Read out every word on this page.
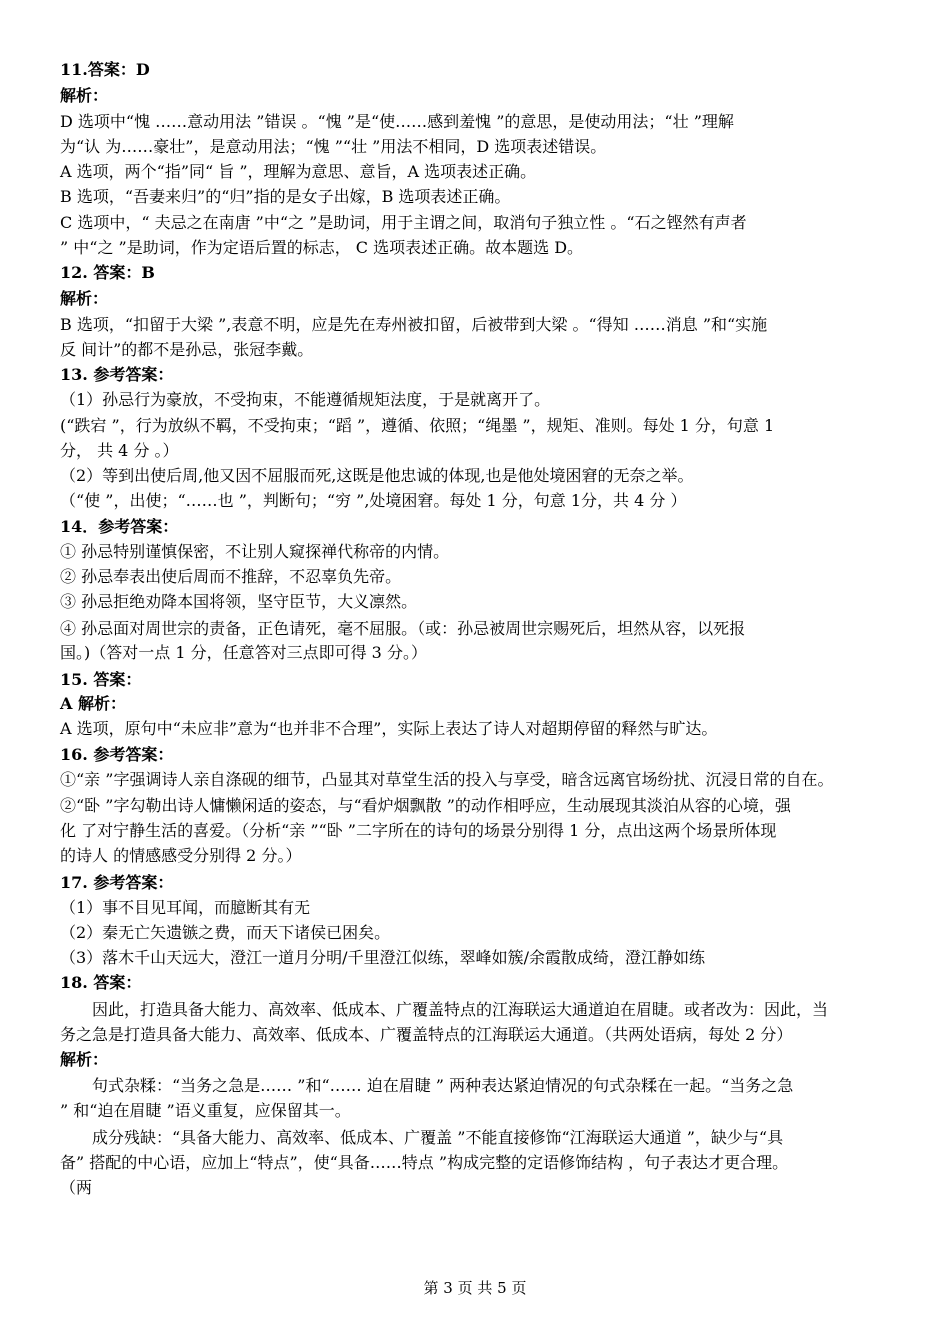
11.答案：D
解析：
D 选项中“愧 ……意动用法 ”错误 。“愧 ”是“使……感到羞愧 ”的意思，是使动用法；“壮 ”理解
为“认 为……豪壮”，是意动用法；“愧 ”“壮 ”用法不相同，D 选项表述错误。
A 选项，两个“指”同“ 旨 ”，理解为意思、意旨，A 选项表述正确。
B 选项，“吾妻来归”的“归”指的是女子出嫁，B 选项表述正确。
C 选项中，“ 夫忌之在南唐 ”中“之 ”是助词，用于主谓之间，取消句子独立性 。“石之铿然有声者
” 中“之 ”是助词，作为定语后置的标志， C 选项表述正确。故本题选 D。
12. 答案：B
解析：
B 选项，“扣留于大梁 ”,表意不明，应是先在寿州被扣留，后被带到大梁 。“得知 ……消息 ”和“实施
反 间计”的都不是孙忌，张冠李戴。
13. 参考答案：
（1）孙忌行为豪放，不受拘束，不能遵循规矩法度，于是就离开了。
(“跌宕 ”，行为放纵不羁，不受拘束；“蹈 ”，遵循、依照；“绳墨 ”，规矩、准则。每处 1 分，句意 1
分， 共 4 分 。）
（2）等到出使后周,他又因不屈服而死,这既是他忠诚的体现,也是他处境困窘的无奈之举。
（“使 ”，出使；“……也 ”，判断句；“穷 ”,处境困窘。每处 1 分，句意 1分，共 4 分 ）
14．参考答案：
① 孙忌特别谨慎保密，不让别人窥探禅代称帝的内情。
② 孙忌奉表出使后周而不推辞，不忍辜负先帝。
③ 孙忌拒绝劝降本国将领，坚守臣节，大义凛然。
④ 孙忌面对周世宗的责备，正色请死，毫不屈服。（或：孙忌被周世宗赐死后，坦然从容，以死报
国。)（答对一点 1 分，任意答对三点即可得 3 分。）
15. 答案：
A 解析：
A 选项，原句中“未应非”意为“也并非不合理”，实际上表达了诗人对超期停留的释然与旷达。
16. 参考答案：
①“亲 ”字强调诗人亲自涤砚的细节，凸显其对草堂生活的投入与享受，暗含远离官场纷扰、沉浸日常的自在。
②“卧 ”字勾勒出诗人慵懒闲适的姿态，与“看炉烟飘散 ”的动作相呼应，生动展现其淡泊从容的心境，强
化 了对宁静生活的喜爱。（分析“亲 ”“卧 ”二字所在的诗句的场景分别得 1 分，点出这两个场景所体现
的诗人 的情感感受分别得 2 分。）
17. 参考答案：
（1）事不目见耳闻，而臆断其有无
（2）秦无亡矢遗镞之费，而天下诸侯已困矣。
（3）落木千山天远大，澄江一道月分明/千里澄江似练，翠峰如簇/余霞散成绮，澄江静如练
18. 答案：
因此，打造具备大能力、高效率、低成本、广覆盖特点的江海联运大通道迫在眉睫。或者改为：因此，当
务之急是打造具备大能力、高效率、低成本、广覆盖特点的江海联运大通道。（共两处语病，每处 2 分）
解析：
句式杂糅：“当务之急是…… ”和“…… 迫在眉睫 ” 两种表达紧迫情况的句式杂糅在一起。“当务之急
” 和“迫在眉睫 ”语义重复，应保留其一。
成分残缺：“具备大能力、高效率、低成本、广覆盖 ”不能直接修饰“江海联运大通道 ”，缺少与“具
备” 搭配的中心语，应加上“特点”，使“具备……特点 ”构成完整的定语修饰结构 ，句子表达才更合理。
（两
第 3 页 共 5 页
